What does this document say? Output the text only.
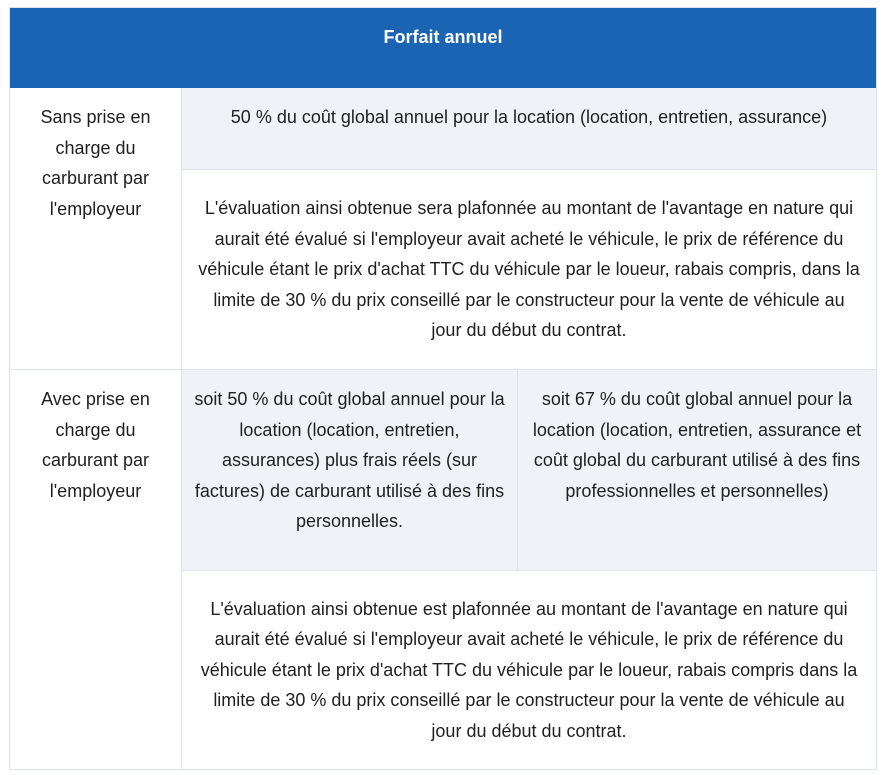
Forfait annuel
Sans prise en charge du carburant par l'employeur
50 % du coût global annuel pour la location (location, entretien, assurance)
L'évaluation ainsi obtenue sera plafonnée au montant de l'avantage en nature qui aurait été évalué si l'employeur avait acheté le véhicule, le prix de référence du véhicule étant le prix d'achat TTC du véhicule par le loueur, rabais compris, dans la limite de 30 % du prix conseillé par le constructeur pour la vente de véhicule au jour du début du contrat.
Avec prise en charge du carburant par l'employeur
soit 50 % du coût global annuel pour la location (location, entretien, assurances) plus frais réels (sur factures) de carburant utilisé à des fins personnelles.
soit 67 % du coût global annuel pour la location (location, entretien, assurance et coût global du carburant utilisé à des fins professionnelles et personnelles)
L'évaluation ainsi obtenue est plafonnée au montant de l'avantage en nature qui aurait été évalué si l'employeur avait acheté le véhicule, le prix de référence du véhicule étant le prix d'achat TTC du véhicule par le loueur, rabais compris dans la limite de 30 % du prix conseillé par le constructeur pour la vente de véhicule au jour du début du contrat.
